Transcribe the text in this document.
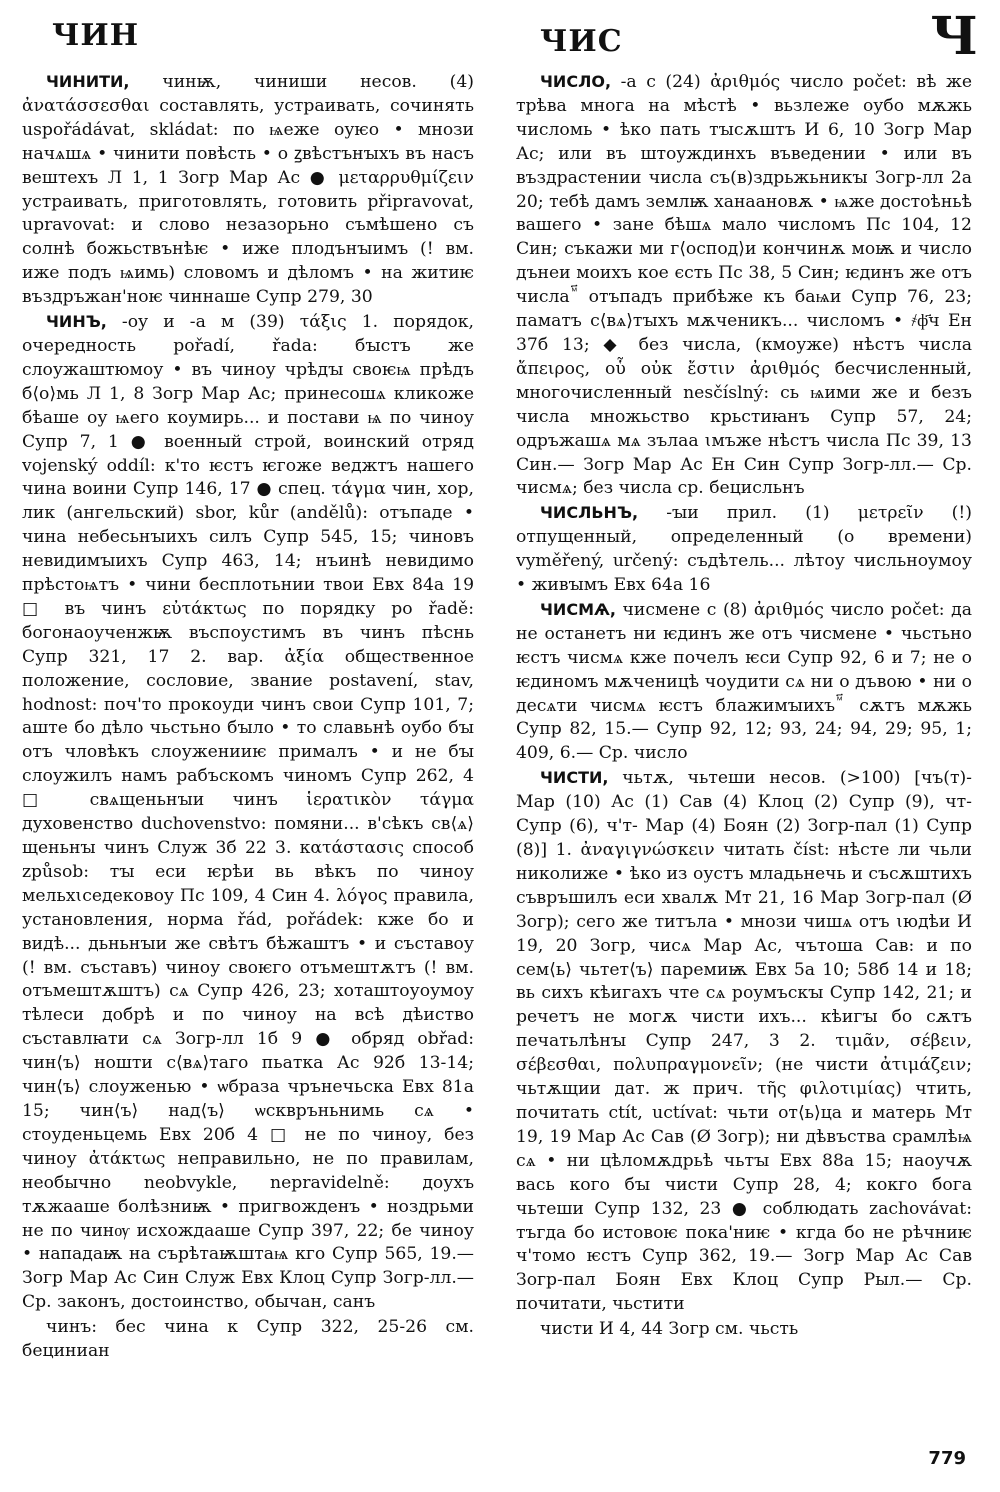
ЧИН	ЧИС	Ч

ЧИНИТИ, чинѭ, чиниши несов. (4) ἀνατάσσεσθαι составлять, устраивать, сочинять uspořádávat, skládat: по ѩеже оуѥо • мнози начѧшѧ • чинити повѣсть • о ꙁвѣстънꙑхъ въ насъ вештехъ Л 1, 1 Зогр Мар Ас ● μεταρρυθμίζειν устраивать, приготовлять, готовить připravovat, upravovat: и слово незазорьно съмѣшено съ солнѣ божьствънѣѥ • иже плодънꙑимъ (! вм. иже подъ ѩимь) словомъ и дѣломъ • на житиѥ въздръжан'ноѥ чиннаше Супр 279, 30

ЧИНЪ, -оу и -а м (39) τάξις 1. порядок, очередность pořadí, řada: бꙑстъ же слоужаштюмоу • въ чиноу чрѣдꙑ своѥѩ прѣдъ б⟨о⟩мь Л 1, 8 Зогр Мар Ас; принесошѧ кликоже бѣаше оу ѩего коумирь... и постави ѩ по чиноу Супр 7, 1 ● военный строй, воинский отряд vojenský oddíl: к'то ѥстъ ѥгоже веджтъ нашего чина воини Супр 146, 17 ● спец. τάγμα чин, хор, лик (ангельский) sbor, kůr (andělů): отъпаде • чина небесьнꙑихъ силъ Супр 545, 15; чиновъ невидимꙑихъ Супр 463, 14; нъинѣ невидимо прѣстоѩтъ • чини бесплотьнии твои Евх 84а 19 □ въ чинъ εὐτάκτως по порядку po řadě: богонаоученжѭ въспоустимъ въ чинъ пѣснь Супр 321, 17 2. вар. ἀξία общественное положение, сословие, звание postavení, stav, hodnost: поч'то прокоуди чинъ свои Супр 101, 7; аште бо дѣло чьстьно бꙑло • то славьнѣ оубо бꙑ отъ чловѣкъ слоуженииѥ прималъ • и не бꙑ слоужилъ намъ рабъскомъ чиномъ Супр 262, 4 □ свѧщеньнꙑи чинъ ἱερατικὸν τάγμα духовенство duchovenstvo: помяни... в'сѣкъ св⟨ѧ⟩щеньнꙑ чинъ Служ 3б 22 3. κατάστασις способ způsob: тꙑ еси ѥрѣи вь вѣкъ по чиноу мельхꙇседековоу Пс 109, 4 Син 4. λόγος правила, установления, норма řád, pořádek: кже бо и видѣ... дьньнꙑи же свѣтъ бѣжаштъ • и съставоу (! вм. съставъ) чиноу своѥго отъмештѫтъ (! вм. отъмештѫштъ) сѧ Супр 426, 23; хоташтоуоумоу тѣлеси добрѣ и по чиноу на всѣ дѣиство съставлꙗти сѧ Зогр-лл 1б 9 ● обряд obřad: чин⟨ъ⟩ ношти с⟨вѧ⟩таго пьатка Ас 92б 13-14; чин⟨ъ⟩ слоуженью • ѡбраза чрънечьска Евх 81а 15; чин⟨ъ⟩ над⟨ъ⟩ ѡсквръньнимь сѧ • стоуденьцемь Евх 20б 4 □ не по чиноу, без чиноу ἀτάκτως неправильно, не по правилам, необычно neobvykle, nepravidelně: доухъ тѫжааше болѣзниѭ • пригвожденъ • ноздрьми не по чинѹ исхождааше Супр 397, 22; бе чиноу • нападаѭ на сърѣтаѭштаѩ кго Супр 565, 19.— Зогр Мар Ас Син Служ Евх Клоц Супр Зогр-лл.— Ср. законъ, достоинство, обычан, санъ

чинъ: бес чина к Супр 322, 25-26 см. бециниан

ЧИСЛО, -а с (24) ἀριθμός число počet: вѣ же трѣва многа на мѣстѣ • вьзлеже оубо мѫжь числомь • ѣко пать тꙑсѫштъ И 6, 10 Зогр Мар Ас; или въ штоуждинхъ въведении • или въ въздрастении числа съ(в)здрьжьникꙑ Зогр-лл 2а 20; тебѣ дамъ землѭ ханаановѫ • ѩже достоѣньѣ вашего • зане бѣшѧ мало числомъ Пс 104, 12 Син; съкажи ми г⟨оспод⟩и кончинѫ моѭ и число дънеи моихъ кое єсть Пс 38, 5 Син; ѥдинъ же отъ числа ⷨ҃ отъпадъ прибѣже къ баѩи Супр 76, 23; паматъ с⟨вѧ⟩тꙑхъ мѫченикъ... числомъ • ҂ф҃ч Ен 37б 13; ◆ без числа, (кмоуже) нѣстъ числа ἄπειρος, οὗ οὐκ ἔστιν ἀριθμός бесчисленный, многочисленный nesčíslný: сь ѩими же и безъ числа множьство крьстиꙗнъ Супр 57, 24; одръжашѧ мѧ зълаа ꙇмъже нѣстъ числа Пс 39, 13 Син.— Зогр Мар Ас Ен Син Супр Зогр-лл.— Ср. чисмѧ; без числа ср. бецисльнъ

ЧИСЛЬНЪ, -ꙑи прил. (1) μετρεῖν (!) отпущенный, определенный (о времени) vyměřený, určený: съдѣтель... лѣтоу числьноумоу • живꙑмъ Евх 64а 16

ЧИСМѦ, чисмене с (8) ἀριθμός число počet: да не останетъ ни ѥдинъ же отъ чисмене • чьстьно ѥстъ чисмѧ кже почелъ ѥси Супр 92, 6 и 7; не о ѥдиномъ мѫченицѣ чоудити сѧ ни о дъвою • ни о десѧти чисмѧ ѥстъ блажимꙑихъ ⷨ҃ сѫтъ мѫжь Супр 82, 15.— Супр 92, 12; 93, 24; 94, 29; 95, 1; 409, 6.— Ср. число

ЧИСТИ, чьтѫ, чьтеши несов. (>100) [чъ(т)- Мар (10) Ас (1) Сав (4) Клоц (2) Супр (9), чт- Супр (6), ч'т- Мар (4) Боян (2) Зогр-пал (1) Супр (8)] 1. ἀναγιγνώσκειν читать číst: нѣсте ли чьли николиже • ѣко из оустъ младьнечь и съсѫштихъ съвръшилъ еси хвалѫ Мт 21, 16 Мар Зогр-пал (Ø Зогр); сего же титъла • мнози чишѧ отъ ꙇюдѣи И 19, 20 Зогр, чисѧ Мар Ас, чътоша Сав: и по сем⟨ь⟩ чьтет⟨ъ⟩ паремиѭ Евх 5а 10; 58б 14 и 18; вь сихъ кѣигахъ чте сѧ роумъскꙑ Супр 142, 21; и речетъ не могѫ чисти ихъ... кѣигꙑ бо сѫтъ печатьлѣнꙑ Супр 247, 3 2. τιμᾶν, σέβειν, σέβεσθαι, πολυπραγμονεῖν; (не чисти ἀτιμάζειν; чьтѫщии дат. ж прич. τῆς φιλοτιμίας) чтить, почитать ctít, uctívat: чьти от⟨ь⟩ца и матерь Мт 19, 19 Мар Ас Сав (Ø Зогр); ни дѣвъства срамлѣѩ сѧ • ни цѣломѫдрьѣ чьтꙑ Евх 88а 15; наоучѫ вась кого бꙑ чисти Супр 28, 4; кокго бога чьтеши Супр 132, 23 ● соблюдать zachovávat: тъгда бо истовоѥ пока'ниѥ • кгда бо не рѣчниѥ ч'томо ѥстъ Супр 362, 19.— Зогр Мар Ас Сав Зогр-пал Боян Евх Клоц Супр Рыл.— Ср. почитати, чьстити

чисти И 4, 44 Зогр см. чьсть

779
